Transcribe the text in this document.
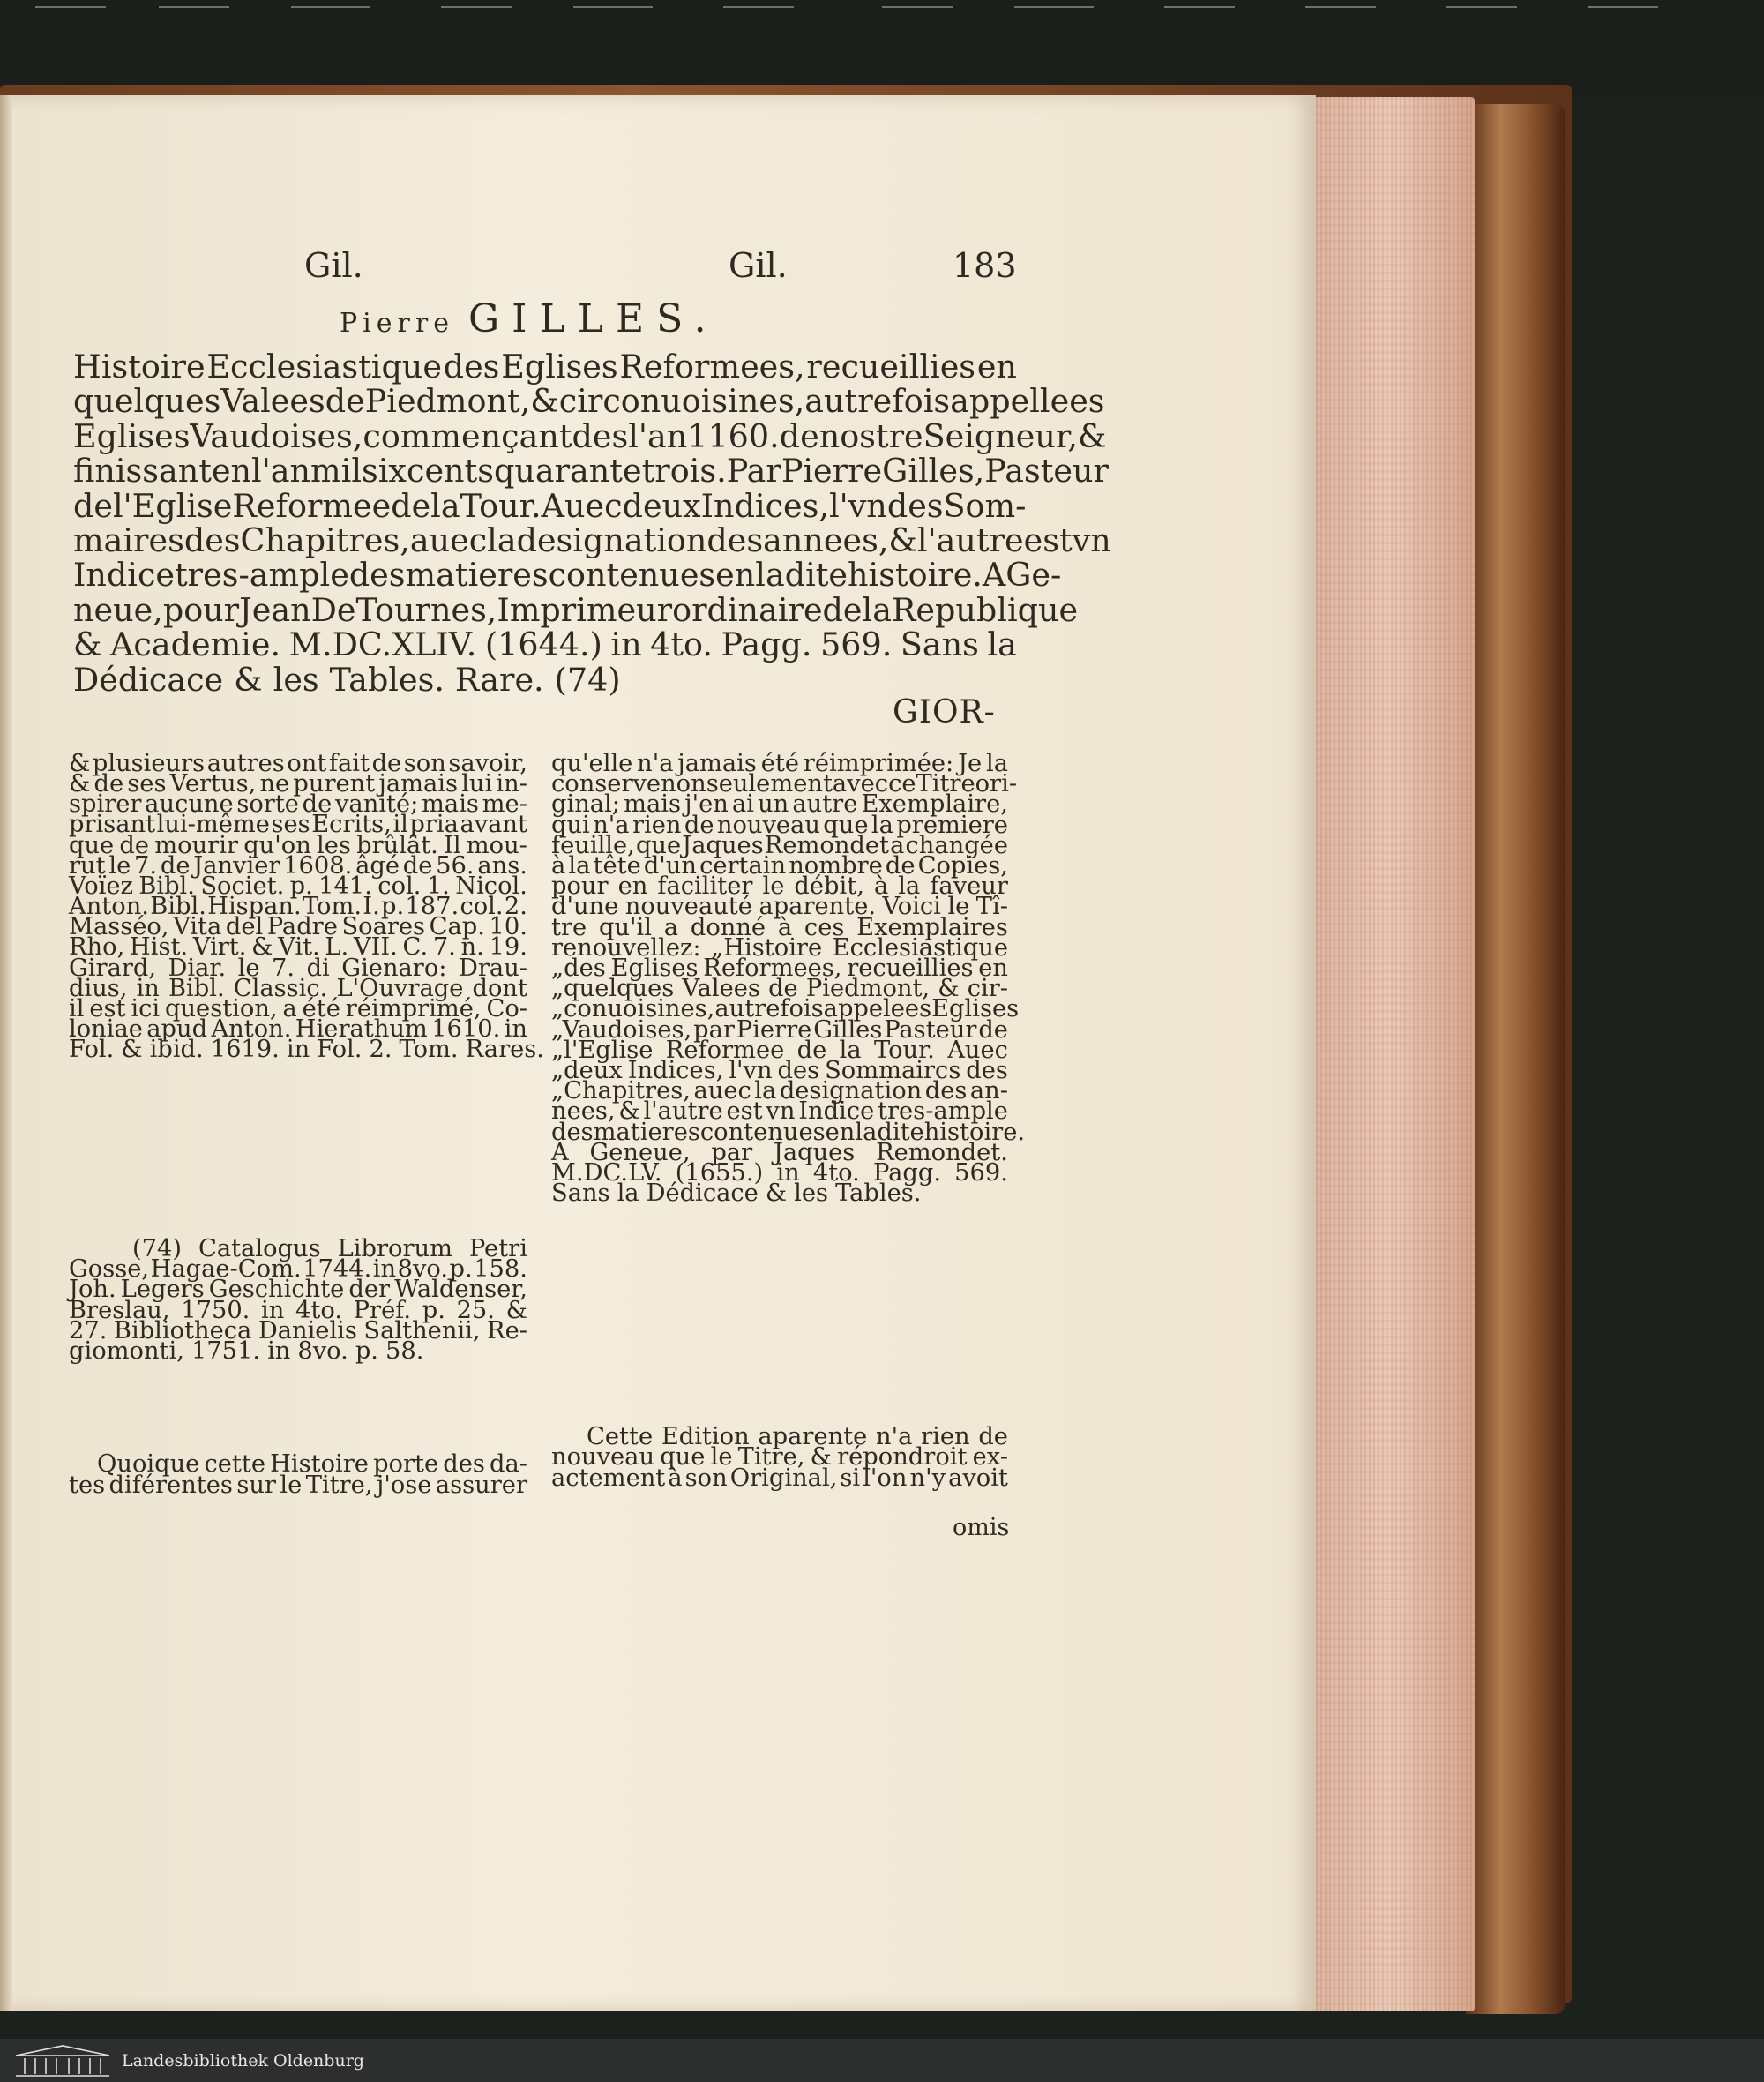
Gil.	Gil.	183
Pierre GILLES.
Histoire Ecclesiastique des Eglises Reformees, recueillies en
quelques Valees de Piedmont, & circonuoisines, autrefois appellees
Eglises Vaudoises, commençant des l'an 1160. de nostre Seigneur, &
finissant en l'an mil six cents quarante trois. Par Pierre Gilles, Pasteur
de l'Eglise Reformee de la Tour. Auec deux Indices, l'vn des Som-
maires des Chapitres, auec la designation des annees, & l'autre est vn
Indice tres-ample des matieres contenues en la dite histoire. A Ge-
neue, pour Jean De Tournes, Imprimeur ordinaire de la Republique
& Academie. M.DC.XLIV. (1644.) in 4to. Pagg. 569. Sans la
Dédicace & les Tables. Rare. (74)
GIOR-
& plusieurs autres ont fait de son savoir,
& de ses Vertus, ne purent jamais lui in-
spirer aucune sorte de vanité; mais me-
prisant lui-même ses Ecrits, il pria avant
que de mourir qu'on les brûlât. Il mou-
rut le 7. de Janvier 1608. âgé de 56. ans.
Voïez Bibl. Societ. p. 141. col. 1. Nicol.
Anton. Bibl. Hispan. Tom. I. p. 187. col. 2.
Masséo, Vita del Padre Soares Cap. 10.
Rho, Hist. Virt. & Vit. L. VII. C. 7. n. 19.
Girard, Diar. le 7. di Gienaro: Drau-
dius, in Bibl. Classic. L'Ouvrage dont
il est ici question, a été réimprimé, Co-
loniae apud Anton. Hierathum 1610. in
Fol. & ibid. 1619. in Fol. 2. Tom. Rares.
(74) Catalogus Librorum Petri
Gosse, Hagae-Com. 1744. in 8vo. p. 158.
Joh. Legers Geschichte der Waldenser,
Breslau, 1750. in 4to. Préf. p. 25. &
27. Bibliotheca Danielis Salthenii, Re-
giomonti, 1751. in 8vo. p. 58.
Quoique cette Histoire porte des da-
tes diférentes sur le Titre, j'ose assurer
qu'elle n'a jamais été réimprimée: Je la
conserve non seulement avec ce Titre ori-
ginal; mais j'en ai un autre Exemplaire,
qui n'a rien de nouveau que la premiere
feuille, que Jaques Remondet a changée
à la tête d'un certain nombre de Copies,
pour en faciliter le débit, à la faveur
d'une nouveauté aparente. Voici le Tî-
tre qu'il a donné à ces Exemplaires
renouvellez: „Histoire Ecclesiastique
„des Eglises Reformees, recueillies en
„quelques Valees de Piedmont, & cir-
„conuoisines, autrefois appelees Eglises
„Vaudoises, par Pierre Gilles Pasteur de
„l'Eglise Reformee de la Tour. Auec
„deux Indices, l'vn des Sommaircs des
„Chapitres, auec la designation des an-
nees, & l'autre est vn Indice tres-ample
des matieres contenues en ladite histoire.
A Geneue, par Jaques Remondet.
M.DC.LV. (1655.) in 4to. Pagg. 569.
Sans la Dédicace & les Tables.
Cette Edition aparente n'a rien de
nouveau que le Titre, & répondroit ex-
actement à son Original, si l'on n'y avoit
omis
Landesbibliothek Oldenburg
